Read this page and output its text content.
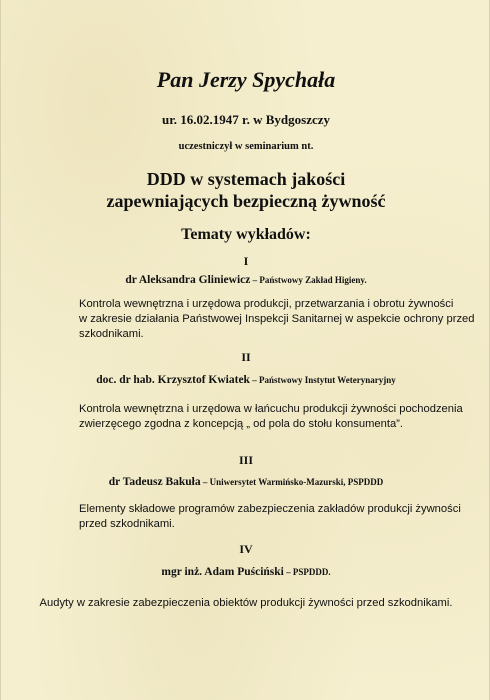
Pan Jerzy Spychała
ur. 16.02.1947 r. w Bydgoszczy
uczestniczył w seminarium nt.
DDD w systemach jakości
zapewniających bezpieczną żywność
Tematy wykładów:
I
dr Aleksandra Gliniewicz – Państwowy Zakład Higieny.
Kontrola wewnętrzna i urzędowa produkcji, przetwarzania i obrotu żywności
w zakresie działania Państwowej Inspekcji Sanitarnej w aspekcie ochrony przed
szkodnikami.
II
doc. dr hab. Krzysztof Kwiatek – Państwowy Instytut Weterynaryjny
Kontrola wewnętrzna i urzędowa w łańcuchu produkcji żywności pochodzenia
zwierzęcego zgodna z koncepcją „ od pola do stołu konsumenta”.
III
dr Tadeusz Bakuła – Uniwersytet Warmińsko-Mazurski, PSPDDD
Elementy składowe programów zabezpieczenia zakładów produkcji żywności
przed szkodnikami.
IV
mgr inż. Adam Puściński – PSPDDD.
Audyty w zakresie zabezpieczenia obiektów produkcji żywności przed szkodnikami.
